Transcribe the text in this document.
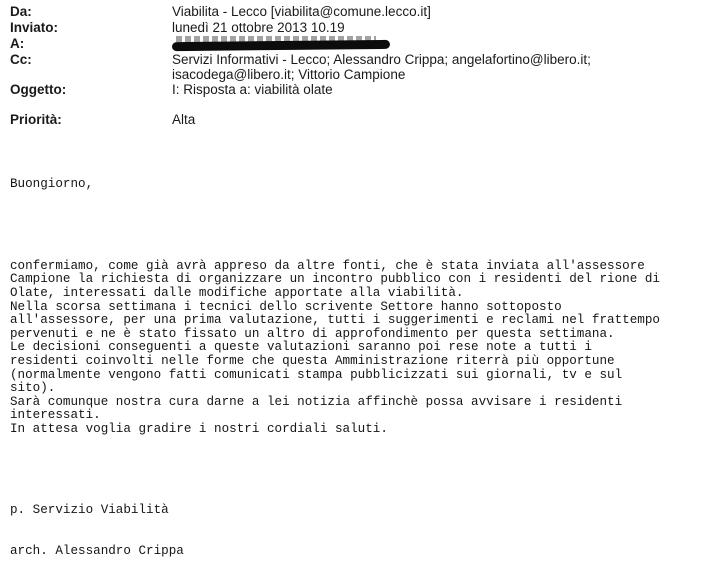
Da:	Viabilita - Lecco [viabilita@comune.lecco.it]
Inviato:	lunedì 21 ottobre 2013 10.19
A:
Cc:	Servizi Informativi - Lecco; Alessandro Crippa; angelafortino@libero.it;
isacodega@libero.it; Vittorio Campione
Oggetto:	I: Risposta a: viabilità olate
Priorità:	Alta

Buongiorno,

confermiamo, come già avrà appreso da altre fonti, che è stata inviata all'assessore
Campione la richiesta di organizzare un incontro pubblico con i residenti del rione di
Olate, interessati dalle modifiche apportate alla viabilità.
Nella scorsa settimana i tecnici dello scrivente Settore hanno sottoposto
all'assessore, per una prima valutazione, tutti i suggerimenti e reclami nel frattempo
pervenuti e ne è stato fissato un altro di approfondimento per questa settimana.
Le decisioni conseguenti a queste valutazioni saranno poi rese note a tutti i
residenti coinvolti nelle forme che questa Amministrazione riterrà più opportune
(normalmente vengono fatti comunicati stampa pubblicizzati sui giornali, tv e sul
sito).
Sarà comunque nostra cura darne a lei notizia affinchè possa avvisare i residenti
interessati.
In attesa voglia gradire i nostri cordiali saluti.

p. Servizio Viabilità

arch. Alessandro Crippa
